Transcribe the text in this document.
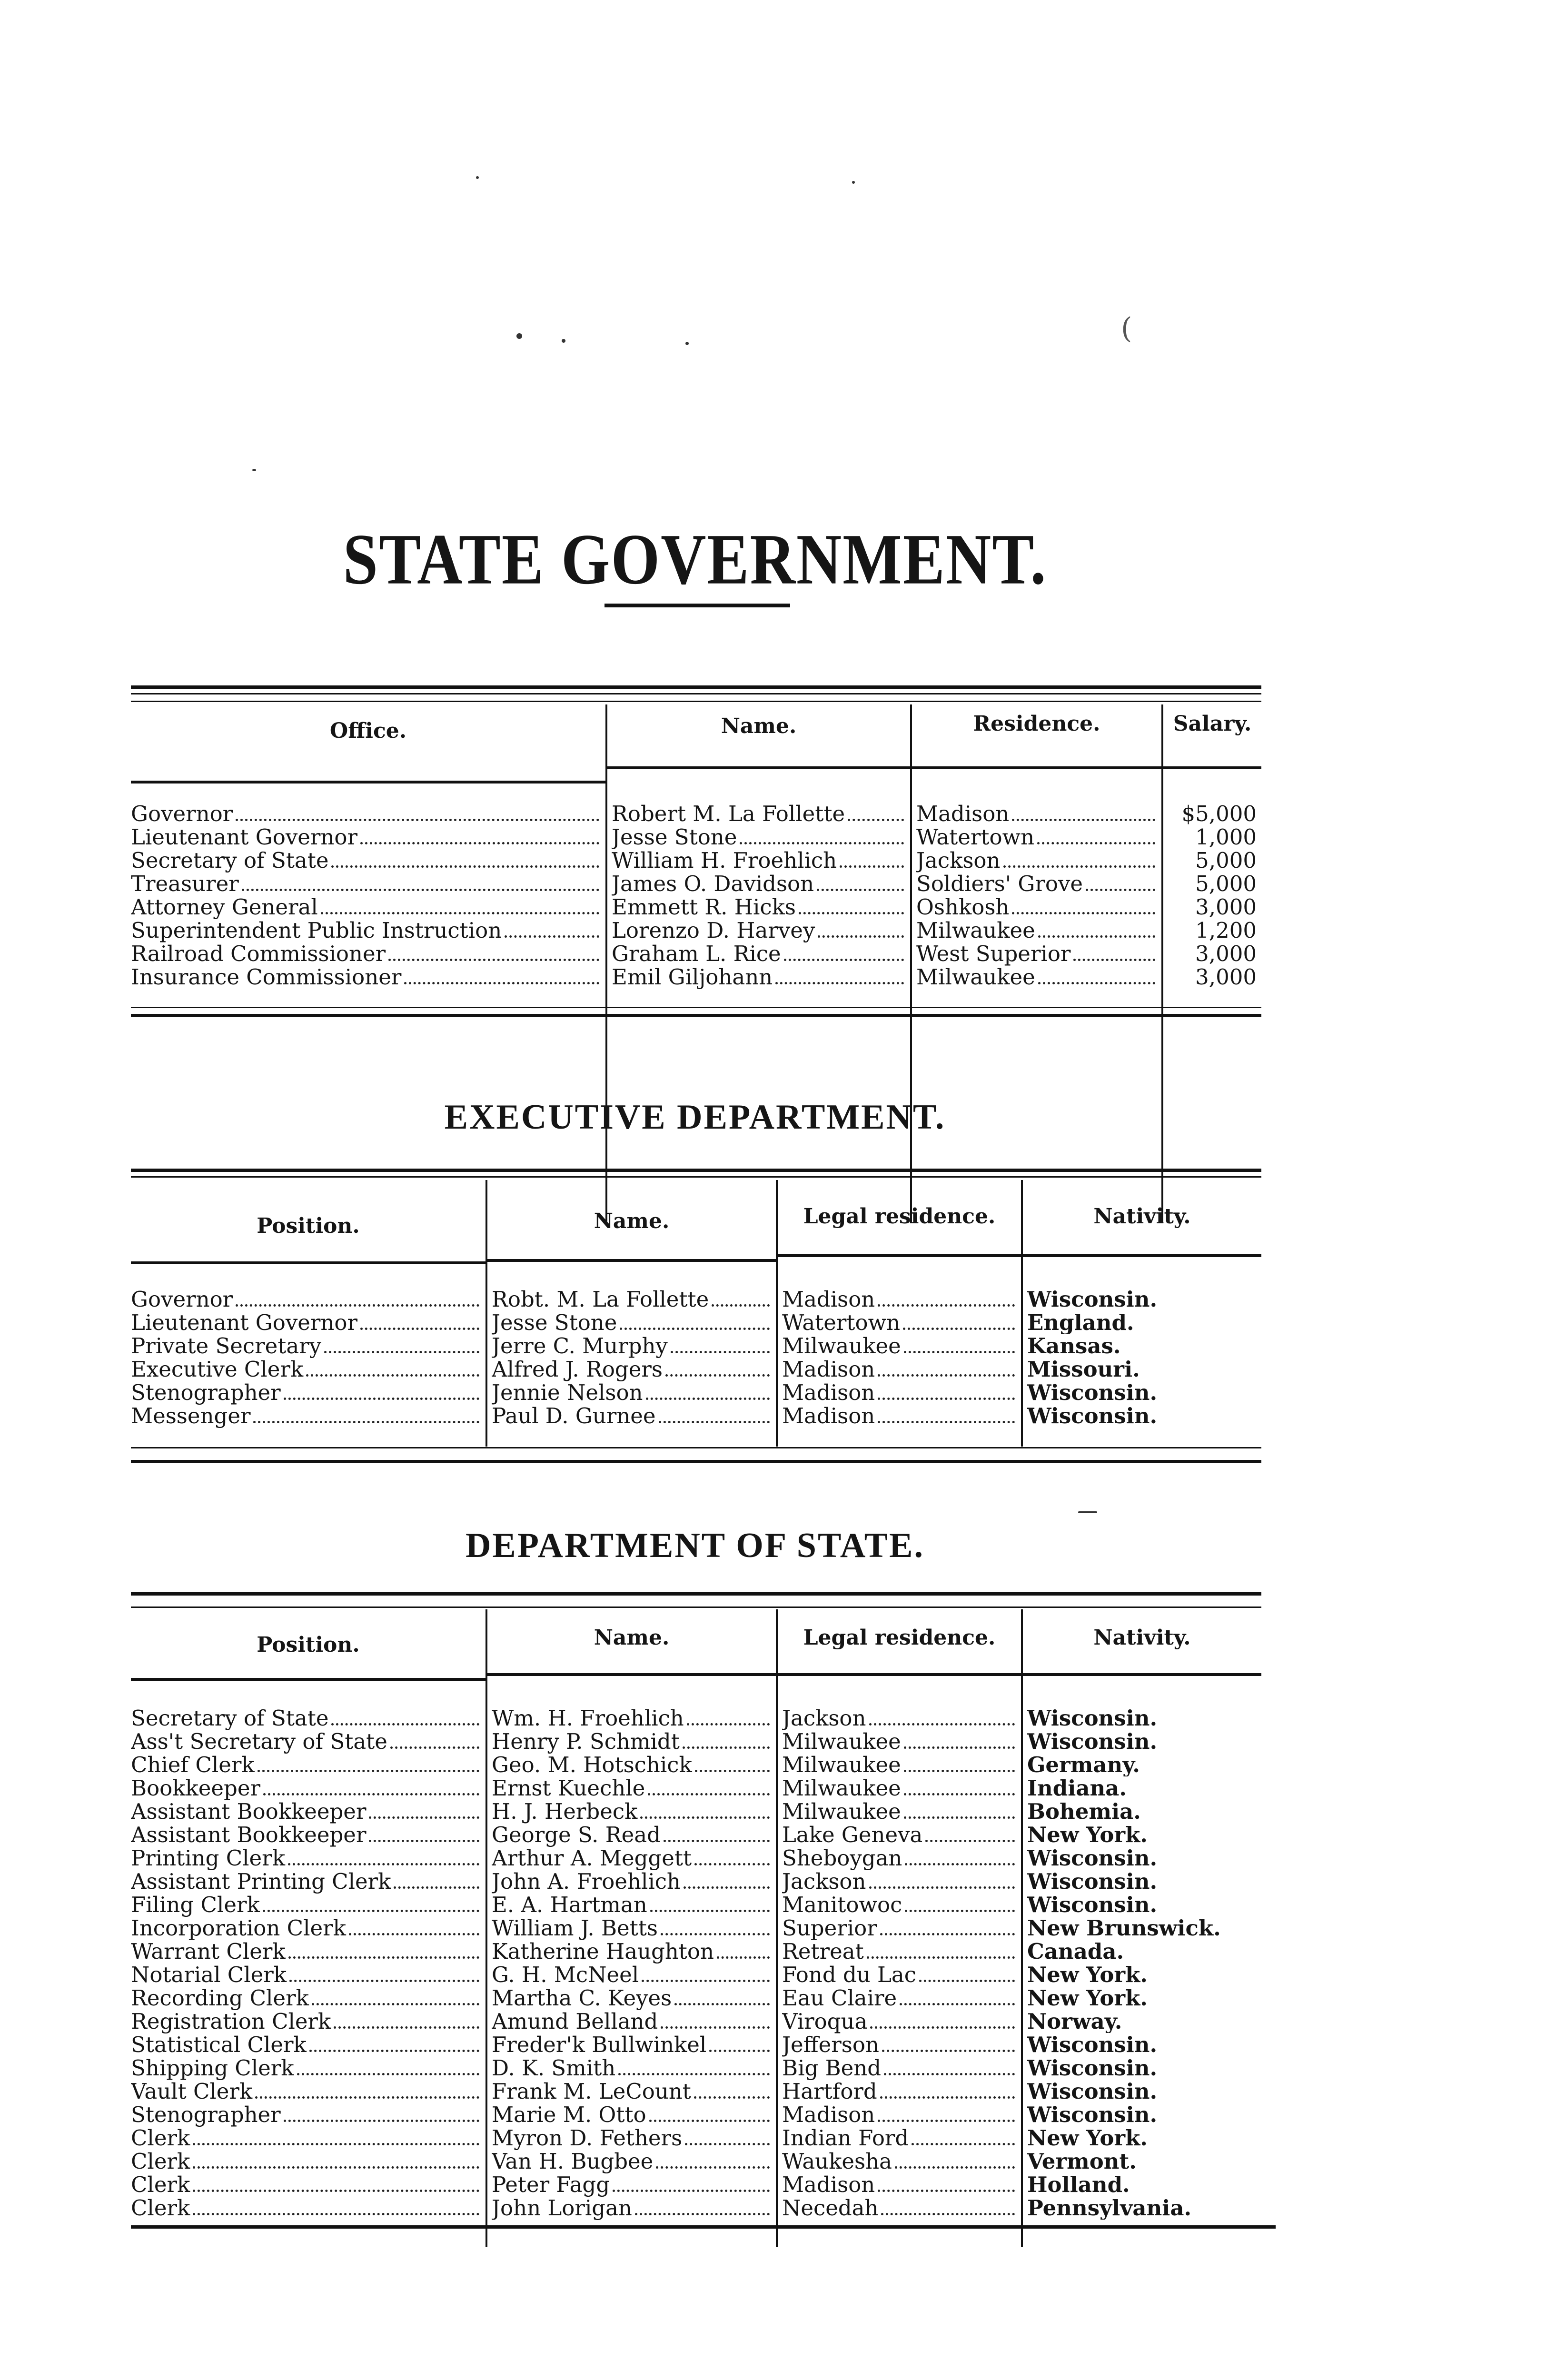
(
STATE GOVERNMENT.
Office.	Name.	Residence.	Salary.
Governor	Robert M. La Follette	Madison	$5,000
Lieutenant Governor	Jesse Stone	Watertown	1,000
Secretary of State	William H. Froehlich	Jackson	5,000
Treasurer	James O. Davidson	Soldiers' Grove	5,000
Attorney General	Emmett R. Hicks	Oshkosh	3,000
Superintendent Public Instruction	Lorenzo D. Harvey	Milwaukee	1,200
Railroad Commissioner	Graham L. Rice	West Superior	3,000
Insurance Commissioner	Emil Giljohann	Milwaukee	3,000
EXECUTIVE DEPARTMENT.
Position.	Name.	Legal residence.	Nativity.
Governor	Robt. M. La Follette	Madison	Wisconsin.
Lieutenant Governor	Jesse Stone	Watertown	England.
Private Secretary	Jerre C. Murphy	Milwaukee	Kansas.
Executive Clerk	Alfred J. Rogers	Madison	Missouri.
Stenographer	Jennie Nelson	Madison	Wisconsin.
Messenger	Paul D. Gurnee	Madison	Wisconsin.
DEPARTMENT OF STATE.
Position.	Name.	Legal residence.	Nativity.
Secretary of State	Wm. H. Froehlich	Jackson	Wisconsin.
Ass't Secretary of State	Henry P. Schmidt	Milwaukee	Wisconsin.
Chief Clerk	Geo. M. Hotschick	Milwaukee	Germany.
Bookkeeper	Ernst Kuechle	Milwaukee	Indiana.
Assistant Bookkeeper	H. J. Herbeck	Milwaukee	Bohemia.
Assistant Bookkeeper	George S. Read	Lake Geneva	New York.
Printing Clerk	Arthur A. Meggett	Sheboygan	Wisconsin.
Assistant Printing Clerk	John A. Froehlich	Jackson	Wisconsin.
Filing Clerk	E. A. Hartman	Manitowoc	Wisconsin.
Incorporation Clerk	William J. Betts	Superior	New Brunswick.
Warrant Clerk	Katherine Haughton	Retreat	Canada.
Notarial Clerk	G. H. McNeel	Fond du Lac	New York.
Recording Clerk	Martha C. Keyes	Eau Claire	New York.
Registration Clerk	Amund Belland	Viroqua	Norway.
Statistical Clerk	Freder'k Bullwinkel	Jefferson	Wisconsin.
Shipping Clerk	D. K. Smith	Big Bend	Wisconsin.
Vault Clerk	Frank M. LeCount	Hartford	Wisconsin.
Stenographer	Marie M. Otto	Madison	Wisconsin.
Clerk	Myron D. Fethers	Indian Ford	New York.
Clerk	Van H. Bugbee	Waukesha	Vermont.
Clerk	Peter Fagg	Madison	Holland.
Clerk	John Lorigan	Necedah	Pennsylvania.
